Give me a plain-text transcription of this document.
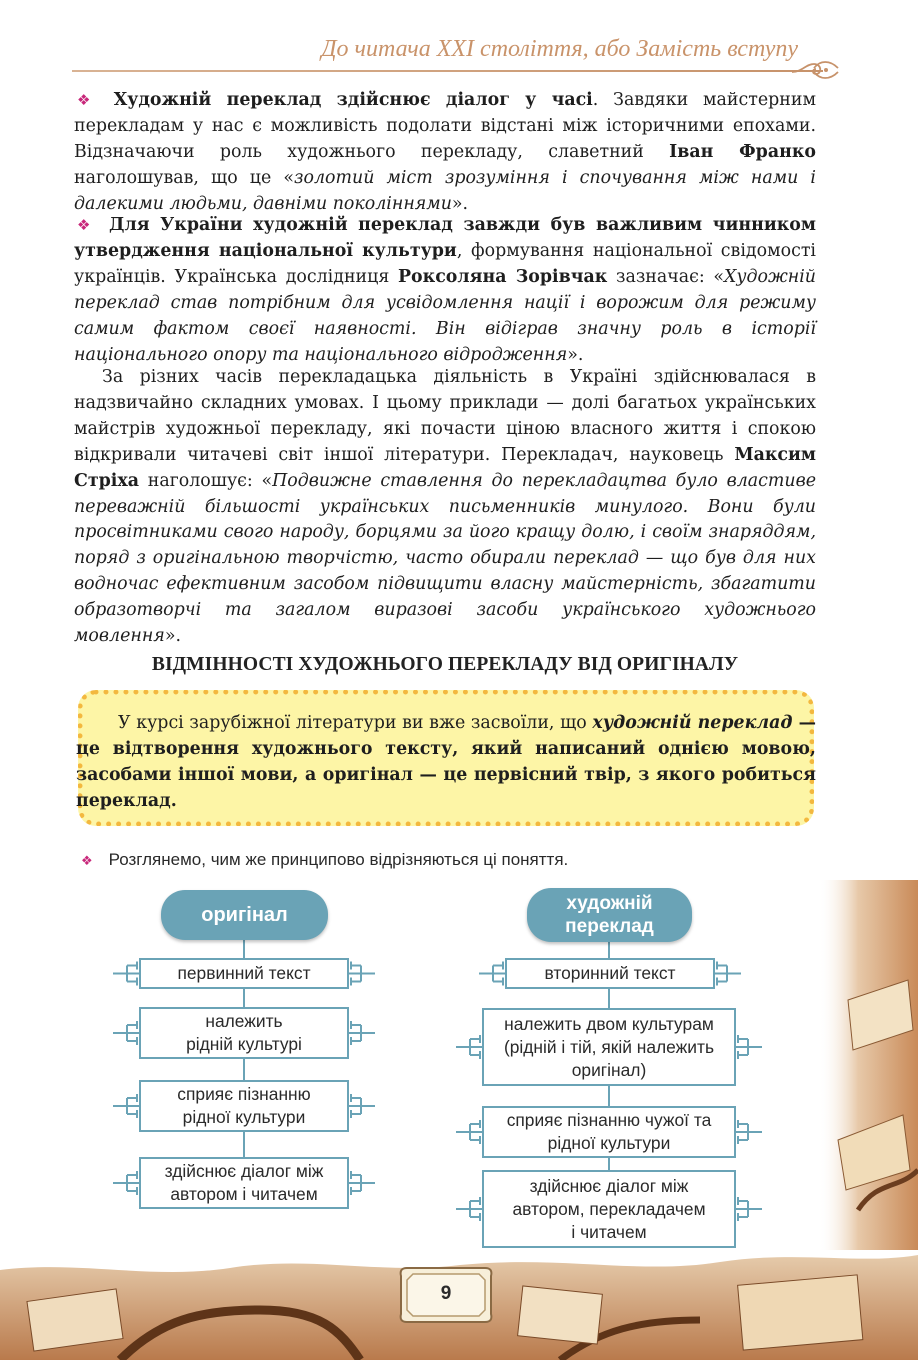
До читача XXI століття, або Замість вступу

❖ Художній переклад здійснює діалог у часі. Завдяки майстерним перекладам у нас є можливість подолати відстані між історичними епохами. Відзначаючи роль художнього перекладу, славетний Іван Франко наголошував, що це «золотий міст зрозуміння і спочування між нами і далекими людьми, давніми поколіннями».

❖ Для України художній переклад завжди був важливим чинником утвердження національної культури, формування національної свідомості українців. Українська дослідниця Роксоляна Зорівчак зазначає: «Художній переклад став потрібним для усвідомлення нації і ворожим для режиму самим фактом своєї наявності. Він відіграв значну роль в історії національного опору та національного відродження».

За різних часів перекладацька діяльність в Україні здійснювалася в надзвичайно складних умовах. І цьому приклади — долі багатьох українських майстрів художньої перекладу, які почасти ціною власного життя і спокою відкривали читачеві світ іншої літератури. Перекладач, науковець Максим Стріха наголошує: «Подвижне ставлення до перекладацтва було властиве переважній більшості українських письменників минулого. Вони були просвітниками свого народу, борцями за його кращу долю, і своїм знаряддям, поряд з оригінальною творчістю, часто обирали переклад — що був для них водночас ефективним засобом підвищити власну майстерність, збагатити образотворчі та загалом виразові засоби українського художнього мовлення».

ВІДМІННОСТІ ХУДОЖНЬОГО ПЕРЕКЛАДУ ВІД ОРИГІНАЛУ

У курсі зарубіжної літератури ви вже засвоїли, що художній переклад — це відтворення художнього тексту, який написаний однією мовою, засобами іншої мови, а оригінал — це первісний твір, з якого робиться переклад.

❖ Розглянемо, чим же принципово відрізняються ці поняття.
оригінал
первинний текст
належить
рідній культурі
сприяє пізнанню
рідної культури
здійснює діалог між
автором і читачем
художній
переклад
вторинний текст
належить двом культурам
(рідній і тій, якій належить
оригінал)
сприяє пізнанню чужої та
рідної культури
здійснює діалог між
автором, перекладачем
і читачем
9
